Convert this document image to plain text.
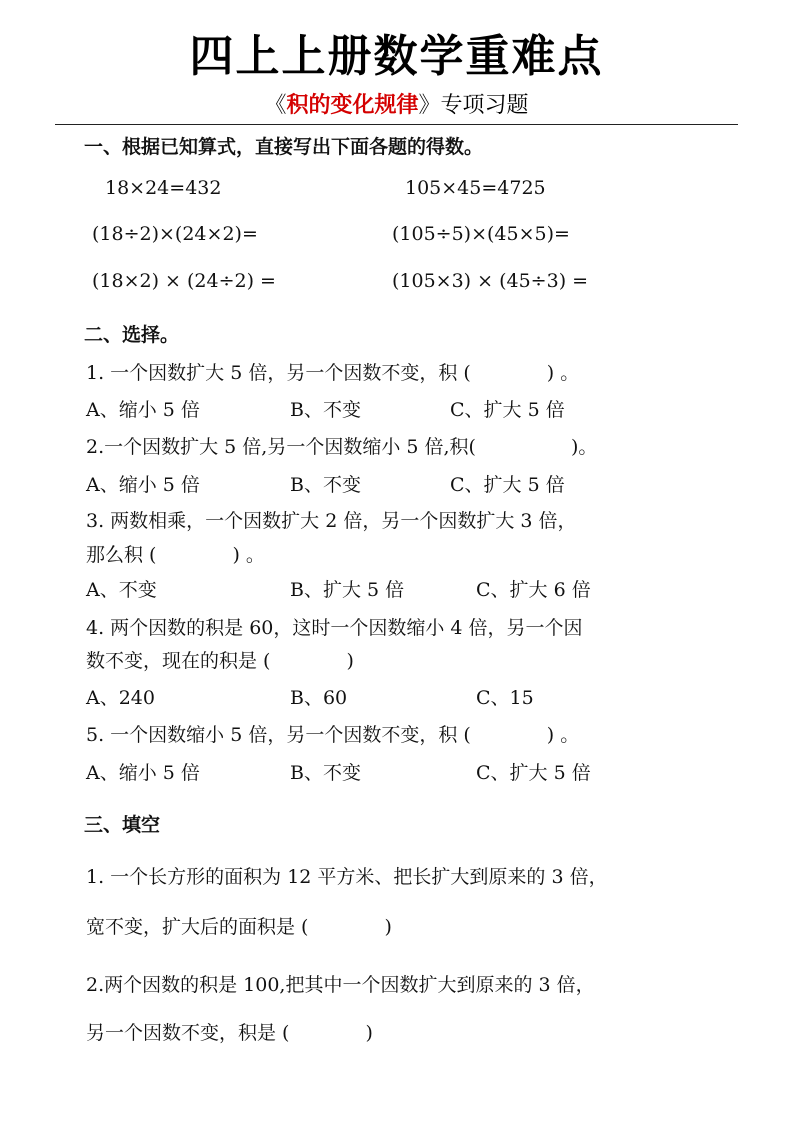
四上上册数学重难点
《积的变化规律》专项习题
一、根据已知算式，直接写出下面各题的得数。
18×24=432	105×45=4725
(18÷2)×(24×2)=	(105÷5)×(45×5)=
(18×2) × (24÷2) =	(105×3) × (45÷3) =
二、选择。
1. 一个因数扩大 5 倍，另一个因数不变，积 (　　　　) 。
A、缩小 5 倍	B、不变	C、扩大 5 倍
2.一个因数扩大 5 倍,另一个因数缩小 5 倍,积(　　　　　)。
A、缩小 5 倍	B、不变	C、扩大 5 倍
3. 两数相乘，一个因数扩大 2 倍，另一个因数扩大 3 倍，
那么积 (　　　　) 。
A、不变	B、扩大 5 倍	C、扩大 6 倍
4. 两个因数的积是 60，这时一个因数缩小 4 倍，另一个因
数不变，现在的积是 (　　　　)
A、240	B、60	C、15
5. 一个因数缩小 5 倍，另一个因数不变，积 (　　　　) 。
A、缩小 5 倍	B、不变	C、扩大 5 倍
三、填空
1. 一个长方形的面积为 12 平方米、把长扩大到原来的 3 倍，
宽不变，扩大后的面积是 (　　　　)
2.两个因数的积是 100,把其中一个因数扩大到原来的 3 倍，
另一个因数不变，积是 (　　　　)
